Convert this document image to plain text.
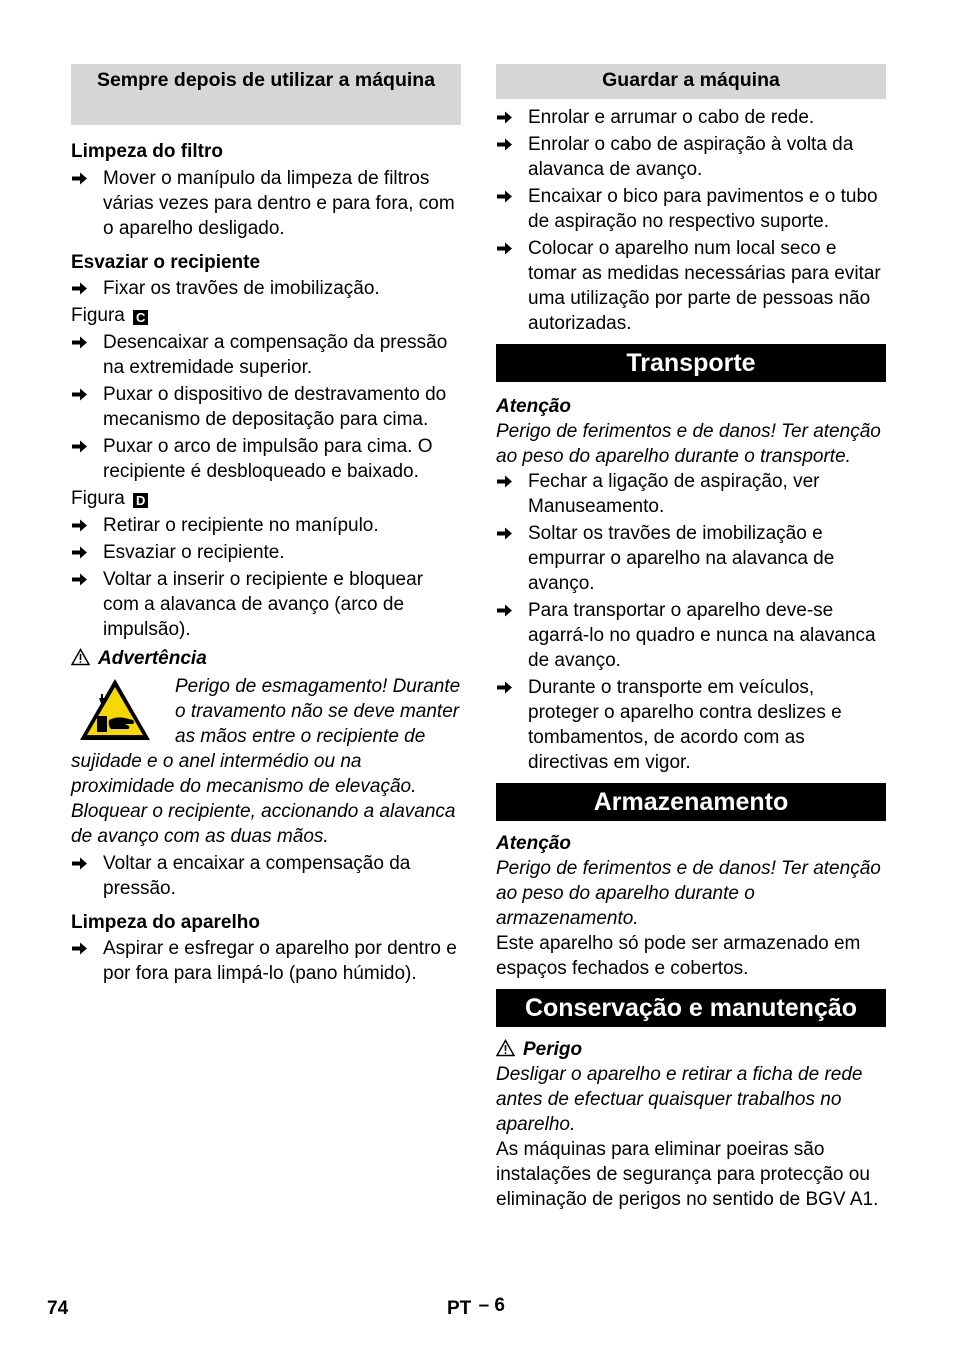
Sempre depois de utilizar a máquina
Limpeza do filtro
Mover o manípulo da limpeza de filtros várias vezes para dentro e para fora, com o aparelho desligado.
Esvaziar o recipiente
Fixar os travões de imobilização.
Figura C
Desencaixar a compensação da pressão na extremidade superior.
Puxar o dispositivo de destravamento do mecanismo de depositação para cima.
Puxar o arco de impulsão para cima. O recipiente é desbloqueado e baixado.
Figura D
Retirar o recipiente no manípulo.
Esvaziar o recipiente.
Voltar a inserir o recipiente e bloquear com a alavanca de avanço (arco de impulsão).
Advertência
Perigo de esmagamento! Durante o travamento não se deve manter as mãos entre o recipiente de sujidade e o anel intermédio ou na proximidade do mecanismo de elevação. Bloquear o recipiente, accionando a alavanca de avanço com as duas mãos.
Voltar a encaixar a compensação da pressão.
Limpeza do aparelho
Aspirar e esfregar o aparelho por dentro e por fora para limpá-lo (pano húmido).
Guardar a máquina
Enrolar e arrumar o cabo de rede.
Enrolar o cabo de aspiração à volta da alavanca de avanço.
Encaixar o bico para pavimentos e o tubo de aspiração no respectivo suporte.
Colocar o aparelho num local seco e tomar as medidas necessárias para evitar uma utilização por parte de pessoas não autorizadas.
Transporte
Atenção
Perigo de ferimentos e de danos! Ter atenção ao peso do aparelho durante o transporte.
Fechar a ligação de aspiração, ver Manuseamento.
Soltar os travões de imobilização e empurrar o aparelho na alavanca de avanço.
Para transportar o aparelho deve-se agarrá-lo no quadro e nunca na alavanca de avanço.
Durante o transporte em veículos, proteger o aparelho contra deslizes e tombamentos, de acordo com as directivas em vigor.
Armazenamento
Atenção
Perigo de ferimentos e de danos! Ter atenção ao peso do aparelho durante o armazenamento.
Este aparelho só pode ser armazenado em espaços fechados e cobertos.
Conservação e manutenção
Perigo
Desligar o aparelho e retirar a ficha de rede antes de efectuar quaisquer trabalhos no aparelho.
As máquinas para eliminar poeiras são instalações de segurança para protecção ou eliminação de perigos no sentido de BGV A1.
74	PT – 6
